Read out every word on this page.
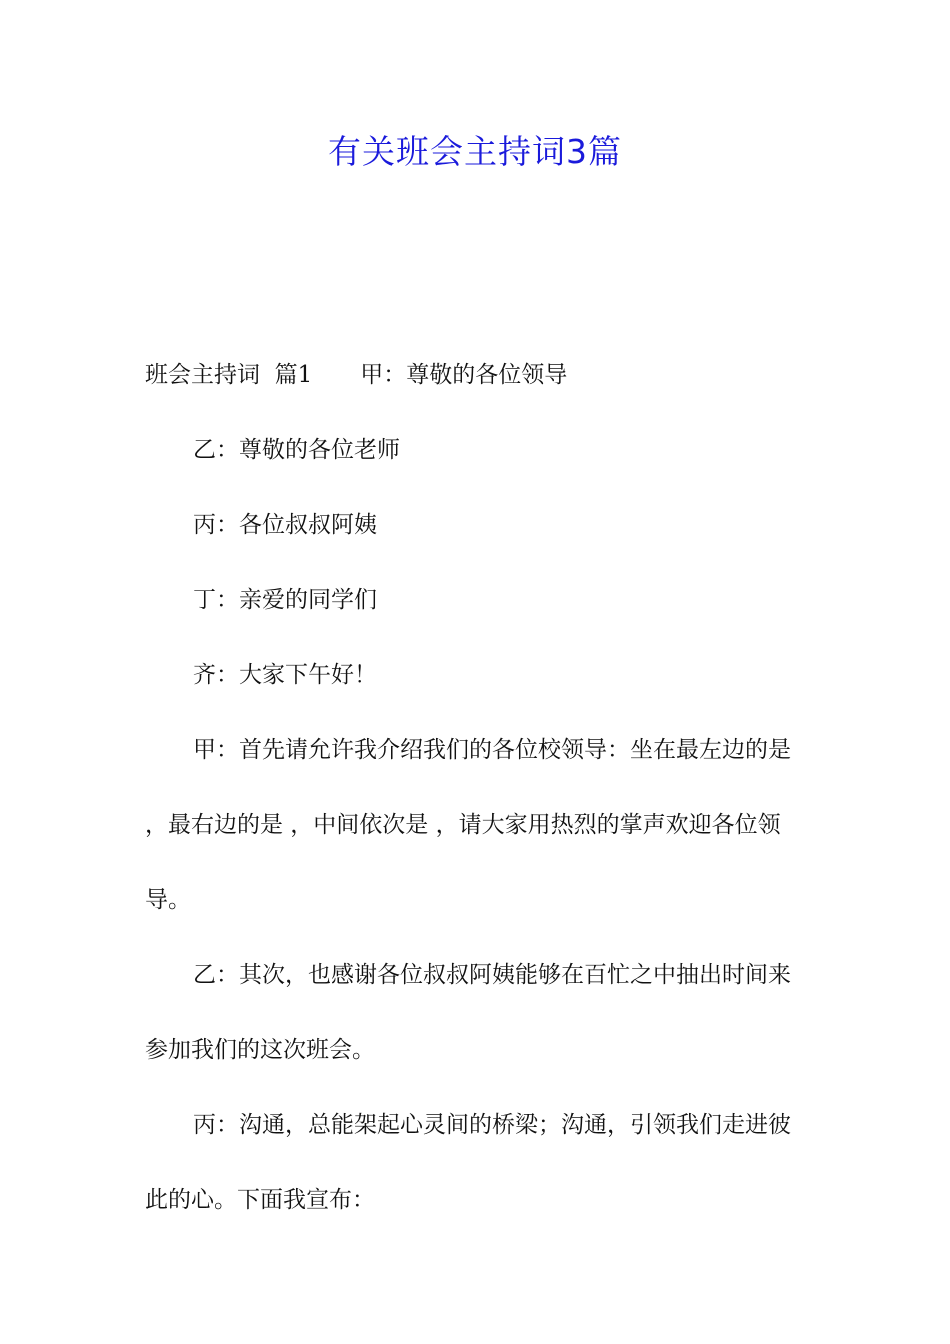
有关班会主持词3篇

班会主持词  篇1 甲：尊敬的各位领导

乙：尊敬的各位老师

丙：各位叔叔阿姨

丁：亲爱的同学们

齐：大家下午好！

甲：首先请允许我介绍我们的各位校领导：坐在最左边的是 ，最右边的是 ，中间依次是 ，请大家用热烈的掌声欢迎各位领导。

乙：其次，也感谢各位叔叔阿姨能够在百忙之中抽出时间来参加我们的这次班会。

丙：沟通，总能架起心灵间的桥梁；沟通，引领我们走进彼此的心。下面我宣布：
